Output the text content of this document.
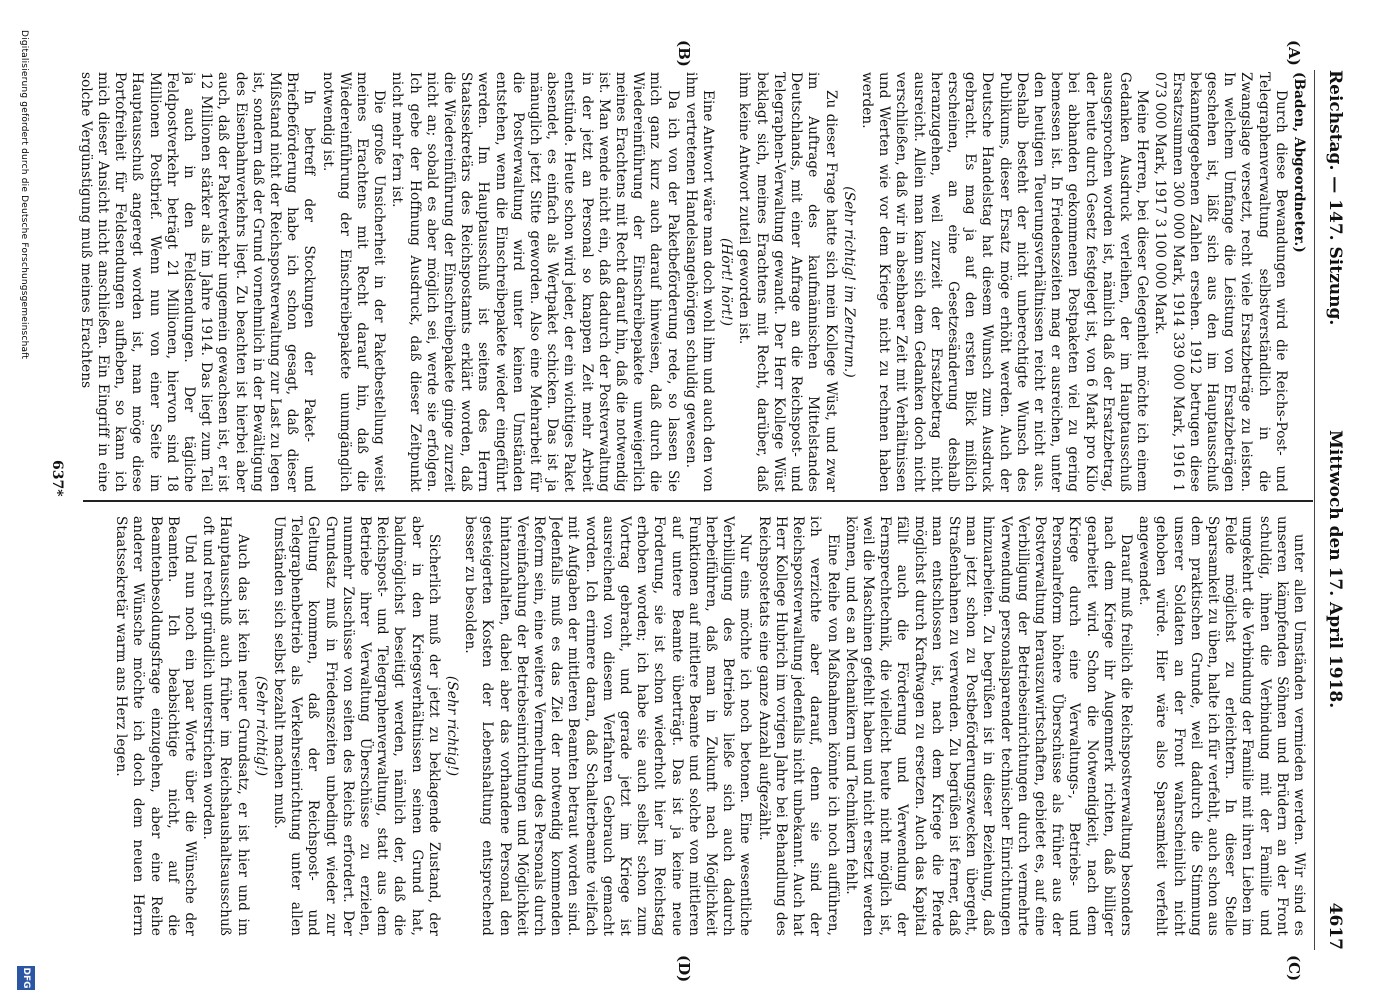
Reichstag. — 147. Sitzung.
Mittwoch den 17. April 1918.
4617
(A)
(B)
(C)
(D)

(Baden, Abgeordneter.)

Durch diese Bewandungen wird die Reichs-Post- und Telegraphenverwaltung selbstverständlich in die Zwangslage versetzt, recht viele Ersatzbeträge zu leisten. In welchem Umfange die Leistung von Ersatzbeträgen geschehen ist, läßt sich aus den im Hauptausschuß bekanntgegebenen Zahlen ersehen. 1912 betrugen diese Ersatzsummen 300 000 Mark, 1914 339 000 Mark, 1916 1 073 000 Mark, 1917 3 100 000 Mark.

Meine Herren, bei dieser Gelegenheit möchte ich einem Gedanken Ausdruck verleihen, der im Hauptausschuß ausgesprochen worden ist, nämlich daß der Ersatzbetrag, der heute durch Gesetz festgelegt ist, von 6 Mark pro Kilo bei abhanden gekommenen Postpaketen viel zu gering bemessen ist. In Friedenszeiten mag er ausreichen, unter den heutigen Teuerungsverhältnissen reicht er nicht aus. Deshalb besteht der nicht unberechtigte Wunsch des Publikums, dieser Ersatz möge erhöht werden. Auch der Deutsche Handelstag hat diesem Wunsch zum Ausdruck gebracht. Es mag ja auf den ersten Blick mißlich erscheinen, an eine Gesetzesänderung deshalb heranzugehen, weil zurzeit der Ersatzbetrag nicht ausreicht. Allein man kann sich dem Gedanken doch nicht verschließen, daß wir in absehbarer Zeit mit Verhältnissen und Werten wie vor dem Kriege nicht zu rechnen haben werden.

(Sehr richtig! im Zentrum.)

Zu dieser Frage hatte sich mein Kollege Wüst, und zwar im Auftrage des kaufmännischen Mittelstandes Deutschlands, mit einer Anfrage an die Reichspost- und Telegraphen-Verwaltung gewandt. Der Herr Kollege Wüst beklagt sich, meines Erachtens mit Recht, darüber, daß ihm keine Antwort zuteil geworden ist.

(Hört! hört!)

Eine Antwort wäre man doch wohl ihm und auch den von ihm vertretenen Handelsangehörigen schuldig gewesen.

Da ich von der Paketbeförderung rede, so lassen Sie mich ganz kurz auch darauf hinweisen, daß durch die Wiedereinführung der Einschreibepakete unweigerlich meines Erachtens mit Recht darauf hin, daß die notwendig ist. Man wende nicht ein, daß dadurch der Postverwaltung in der jetzt an Personal so knappen Zeit mehr Arbeit entstünde. Heute schon wird jeder, der ein wichtiges Paket absendet, es einfach als Wertpaket schicken. Das ist ja mänuglich jetzt Sitte geworden. Also eine Mehrarbeit für die Postverwaltung wird unter keinen Umständen entstehen, wenn die Einschreibepakete wieder eingeführt werden. Im Hauptausschuß ist seitens des Herrn Staatssekretärs des Reichspostamts erklärt worden, daß die Wiedereinführung der Einschreibepakete ginge zurzeit nicht an; sobald es aber möglich sei, werde sie erfolgen. Ich gebe der Hoffnung Ausdruck, daß dieser Zeitpunkt nicht mehr fern ist.

Die große Unsicherheit in der Paketbestellung weist meines Erachtens mit Recht darauf hin, daß die Wiedereinführung der Einschreibepakete unumgänglich notwendig ist.

In betreff der Stockungen der Paket- und Briefbeförderung habe ich schon gesagt, daß dieser Mißstand nicht der Reichspostverwaltung zur Last zu legen ist, sondern daß der Grund vornehmlich in der Bewältigung des Eisenbahnverkehrs liegt. Zu beachten ist hierbei aber auch, daß der Paketverkehr ungemein gewachsen ist, er ist 12 Millionen stärker als im Jahre 1914. Das liegt zum Teil ja auch in den Feldsendungen. Der tägliche Feldpostverkehr beträgt 21 Millionen, hiervon sind 18 Millionen Postbrief. Wenn nun von einer Seite im Hauptausschuß angeregt worden ist, man möge diese Portofreiheit für Feldsendungen aufheben, so kann ich mich dieser Ansicht nicht anschließen. Ein Eingriff in eine solche Vergünstigung muß meines Erachtens

unter allen Umständen vermieden werden. Wir sind es unseren kämpfenden Söhnen und Brüdern an der Front schuldig, ihnen die Verbindung mit der Familie und umgekehrt die Verbindung der Familie mit ihren Lieben im Felde möglichst zu erleichtern. In dieser Stelle Sparsamkeit zu üben, halte ich für verfehlt, auch schon aus dem praktischen Grunde, weil dadurch die Stimmung unserer Soldaten an der Front wahrscheinlich nicht gehoben würde. Hier wäre also Sparsamkeit verfehlt angewendet.

Darauf muß freilich die Reichspostverwaltung besonders nach dem Kriege ihr Augenmerk richten, daß billiger gearbeitet wird. Schon die Notwendigkeit, nach dem Kriege durch eine Verwaltungs-, Betriebs- und Personalreform höhere Überschüsse als früher aus der Postverwaltung herauszuwirtschaften, gebietet es, auf eine Verbilligung der Betriebseinrichtungen durch vermehrte Verwendung personalsparender technischer Einrichtungen hinzuarbeiten. Zu begrüßen ist in dieser Beziehung, daß man jetzt schon zu Postbeförderungszwecken übergeht, Straßenbahnen zu verwenden. Zu begrüßen ist ferner, daß man entschlossen ist, nach dem Kriege die Pferde möglichst durch Kraftwagen zu ersetzen. Auch das Kapital fällt auch die Förderung und Verwendung der Fernsprechtechnik, die vielleicht heute nicht möglich ist, weil die Maschinen gefehlt haben und nicht ersetzt werden können, und es an Mechanikern und Technikern fehlt.

Eine Reihe von Maßnahmen könnte ich noch aufführen, ich verzichte aber darauf, denn sie sind der Reichspostverwaltung jedenfalls nicht unbekannt. Auch hat Herr Kollege Hubrich im vorigen Jahre bei Behandlung des Reichspostetats eine ganze Anzahl aufgezählt.

Nur eins möchte ich noch betonen. Eine wesentliche Verbilligung des Betriebs ließe sich auch dadurch herbeiführen, daß man in Zukunft nach Möglichkeit Funktionen auf mittlere Beamte und solche von mittleren auf untere Beamte überträgt. Das ist ja keine neue Forderung, sie ist schon wiederholt hier im Reichstag erhoben worden; ich habe sie auch selbst schon zum Vortrag gebracht, und gerade jetzt im Kriege ist ausreichend von diesem Verfahren Gebrauch gemacht worden. Ich erinnere daran, daß Schalterbeamte vielfach mit Aufgaben der mittleren Beamten betraut worden sind. Jedenfalls muß es das Ziel der notwendig kommenden Reform sein, eine weitere Vermehrung des Personals durch Vereinfachung der Betriebseinrichtungen und Möglichkeit hintanzuhalten, dabei aber das vorhandene Personal den gesteigerten Kosten der Lebenshaltung entsprechend besser zu besolden.

(Sehr richtig!)

Sicherlich muß der jetzt zu beklagende Zustand, der aber in den Kriegsverhältnissen seinen Grund hat, baldmöglichst beseitigt werden, nämlich der, daß die Reichspost- und Telegraphenverwaltung, statt aus dem Betriebe ihrer Verwaltung Überschüsse zu erzielen, nunmehr Zuschüsse von seiten des Reichs erfordert. Der Grundsatz muß in Friedenszeiten unbedingt wieder zur Geltung kommen, daß der Reichspost- und Telegraphenbetrieb als Verkehrseinrichtung unter allen Umständen sich selbst bezahlt machen muß.

(Sehr richtig!)

Auch das ist kein neuer Grundsatz, er ist hier und im Hauptausschuß auch früher im Reichshaushaltsausschuß oft und recht gründlich unterstrichen worden.

Und nun noch ein paar Worte über die Wünsche der Beamten. Ich beabsichtige nicht, auf die Beamtenbesoldungsfrage einzugehen, aber eine Reihe anderer Wünsche möchte ich doch dem neuen Herrn Staatssekretär warm ans Herz legen.

637*
Digitalisierung gefördert durch die Deutsche Forschungsgemeinschaft
DFG
